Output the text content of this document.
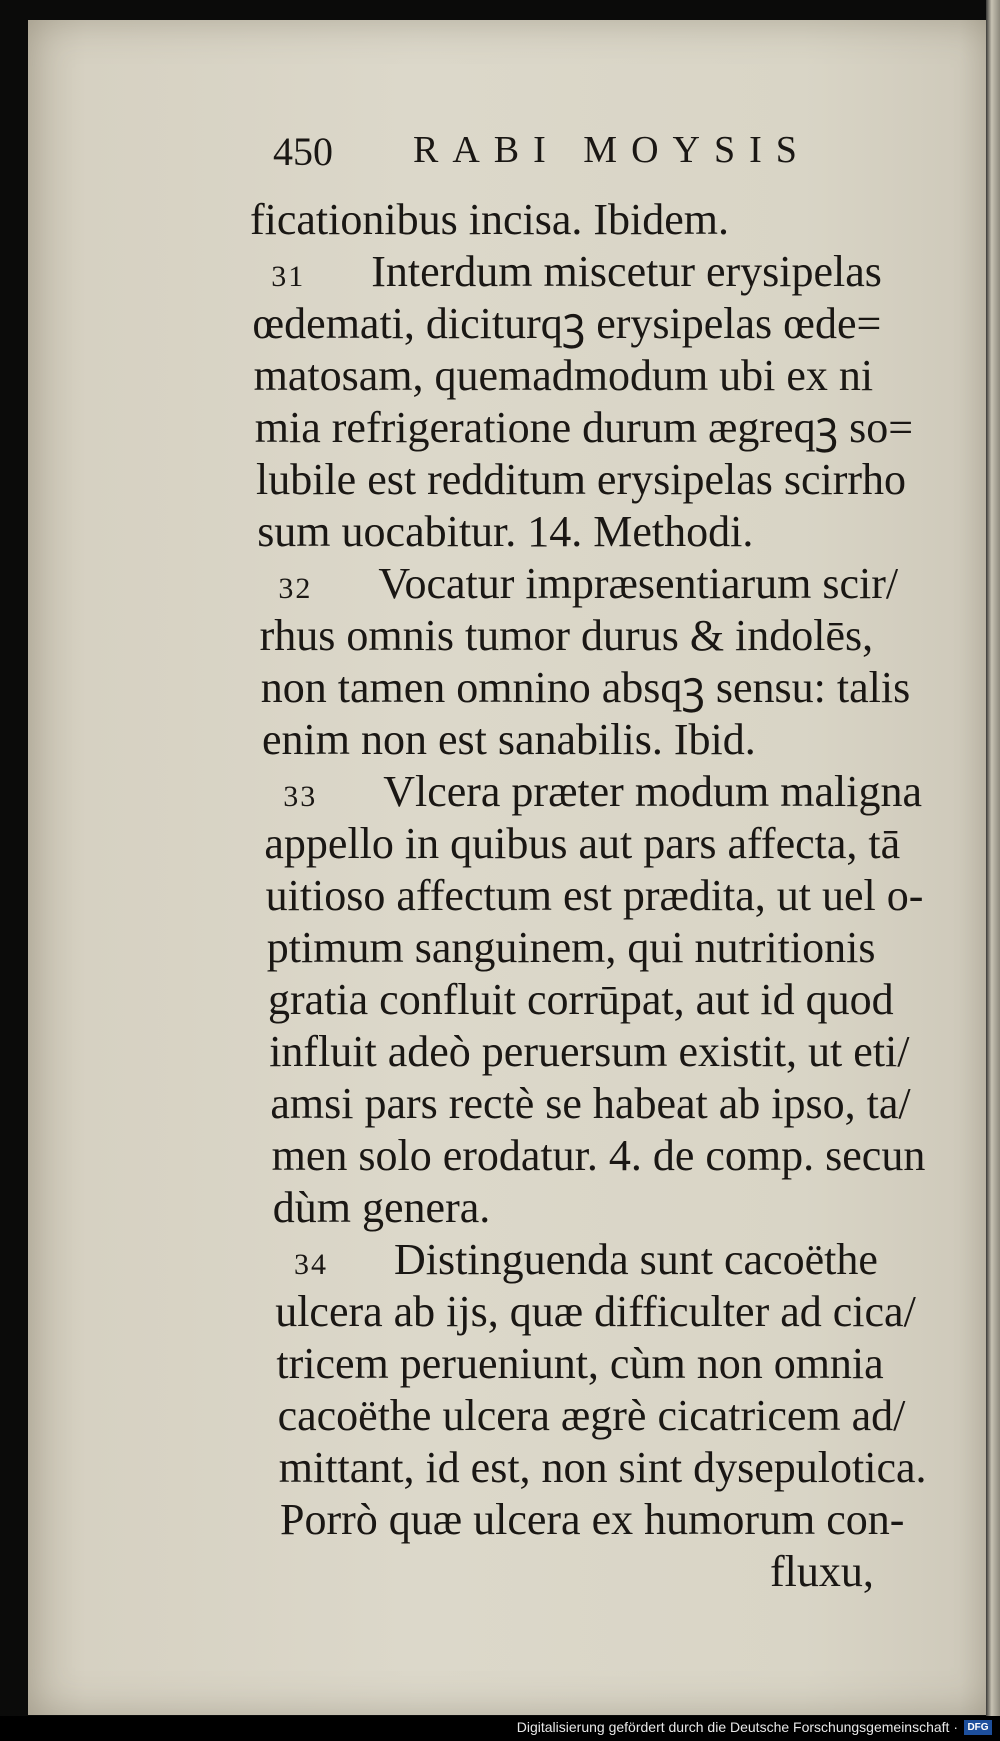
450 RABI MOYSIS
ficationibus incisa. Ibidem.
31   Interdum miscetur erysipelas
œdemati, diciturqꝫ erysipelas œde=
matosam, quemadmodum ubi ex ni
mia refrigeratione durum ægreqꝫ so=
lubile est redditum erysipelas scirrho
sum uocabitur. 14. Methodi.
32   Vocatur impræsentiarum scir/
rhus omnis tumor durus & indolēs,
non tamen omnino absqꝫ sensu: talis
enim non est sanabilis. Ibid.
33   Vlcera præter modum maligna
appello in quibus aut pars affecta, tā
uitioso affectum est prædita, ut uel o-
ptimum sanguinem, qui nutritionis
gratia confluit corrūpat, aut id quod
influit adeò peruersum existit, ut eti/
amsi pars rectè se habeat ab ipso, ta/
men solo erodatur. 4. de comp. secun
dùm genera.
34   Distinguenda sunt cacoëthe
ulcera ab ijs, quæ difficulter ad cica/
tricem perueniunt, cùm non omnia
cacoëthe ulcera ægrè cicatricem ad/
mittant, id est, non sint dysepulotica.
Porrò quæ ulcera ex humorum con-
fluxu,
Digitalisierung gefördert durch die Deutsche Forschungsgemeinschaft · DFG
